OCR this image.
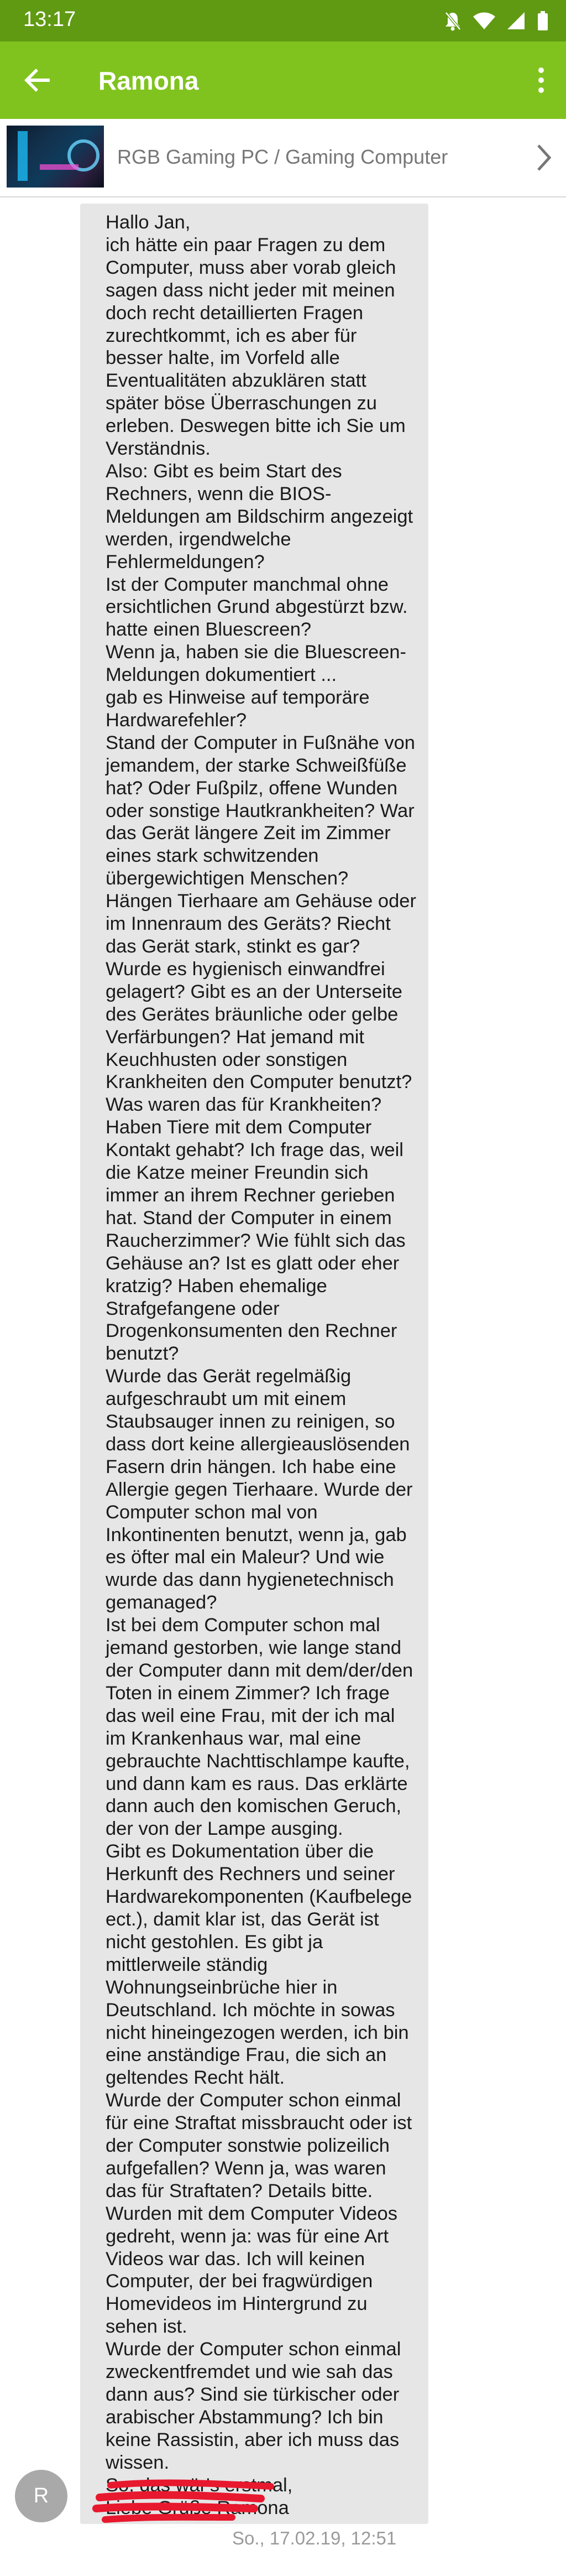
13:17
Ramona
RGB Gaming PC / Gaming Computer
Hallo Jan,
ich hätte ein paar Fragen zu dem Computer, muss aber vorab gleich sagen dass nicht jeder mit meinen doch recht detaillierten Fragen zurechtkommt, ich es aber für besser halte, im Vorfeld alle Eventualitäten abzuklären statt später böse Überraschungen zu erleben. Deswegen bitte ich Sie um Verständnis.
Also: Gibt es beim Start des Rechners, wenn die BIOS-Meldungen am Bildschirm angezeigt werden, irgendwelche Fehlermeldungen?
Ist der Computer manchmal ohne ersichtlichen Grund abgestürzt bzw. hatte einen Bluescreen?
Wenn ja, haben sie die Bluescreen-Meldungen dokumentiert ...
gab es Hinweise auf temporäre Hardwarefehler?
Stand der Computer in Fußnähe von jemandem, der starke Schweißfüße hat? Oder Fußpilz, offene Wunden oder sonstige Hautkrankheiten? War das Gerät längere Zeit im Zimmer eines stark schwitzenden übergewichtigen Menschen? Hängen Tierhaare am Gehäuse oder im Innenraum des Geräts? Riecht das Gerät stark, stinkt es gar? Wurde es hygienisch einwandfrei gelagert? Gibt es an der Unterseite des Gerätes bräunliche oder gelbe Verfärbungen? Hat jemand mit Keuchhusten oder sonstigen Krankheiten den Computer benutzt? Was waren das für Krankheiten? Haben Tiere mit dem Computer Kontakt gehabt? Ich frage das, weil die Katze meiner Freundin sich immer an ihrem Rechner gerieben hat. Stand der Computer in einem Raucherzimmer? Wie fühlt sich das Gehäuse an? Ist es glatt oder eher kratzig? Haben ehemalige Strafgefangene oder Drogenkonsumenten den Rechner benutzt?
Wurde das Gerät regelmäßig aufgeschraubt um mit einem Staubsauger innen zu reinigen, so dass dort keine allergieauslösenden Fasern drin hängen. Ich habe eine Allergie gegen Tierhaare. Wurde der Computer schon mal von Inkontinenten benutzt, wenn ja, gab es öfter mal ein Maleur? Und wie wurde das dann hygienetechnisch gemanaged?
Ist bei dem Computer schon mal jemand gestorben, wie lange stand der Computer dann mit dem/der/den Toten in einem Zimmer? Ich frage das weil eine Frau, mit der ich mal im Krankenhaus war, mal eine gebrauchte Nachttischlampe kaufte, und dann kam es raus. Das erklärte dann auch den komischen Geruch, der von der Lampe ausging.
Gibt es Dokumentation über die Herkunft des Rechners und seiner Hardwarekomponenten (Kaufbelege ect.), damit klar ist, das Gerät ist nicht gestohlen. Es gibt ja mittlerweile ständig Wohnungseinbrüche hier in Deutschland. Ich möchte in sowas nicht hineingezogen werden, ich bin eine anständige Frau, die sich an geltendes Recht hält.
Wurde der Computer schon einmal für eine Straftat missbraucht oder ist der Computer sonstwie polizeilich aufgefallen? Wenn ja, was waren das für Straftaten? Details bitte.
Wurden mit dem Computer Videos gedreht, wenn ja: was für eine Art Videos war das. Ich will keinen Computer, der bei fragwürdigen Homevideos im Hintergrund zu sehen ist.
Wurde der Computer schon einmal zweckentfremdet und wie sah das dann aus? Sind sie türkischer oder arabischer Abstammung? Ich bin keine Rassistin, aber ich muss das wissen.
So, das wär's erstmal,
Liebe Grüße Ramona
R
So., 17.02.19, 12:51
